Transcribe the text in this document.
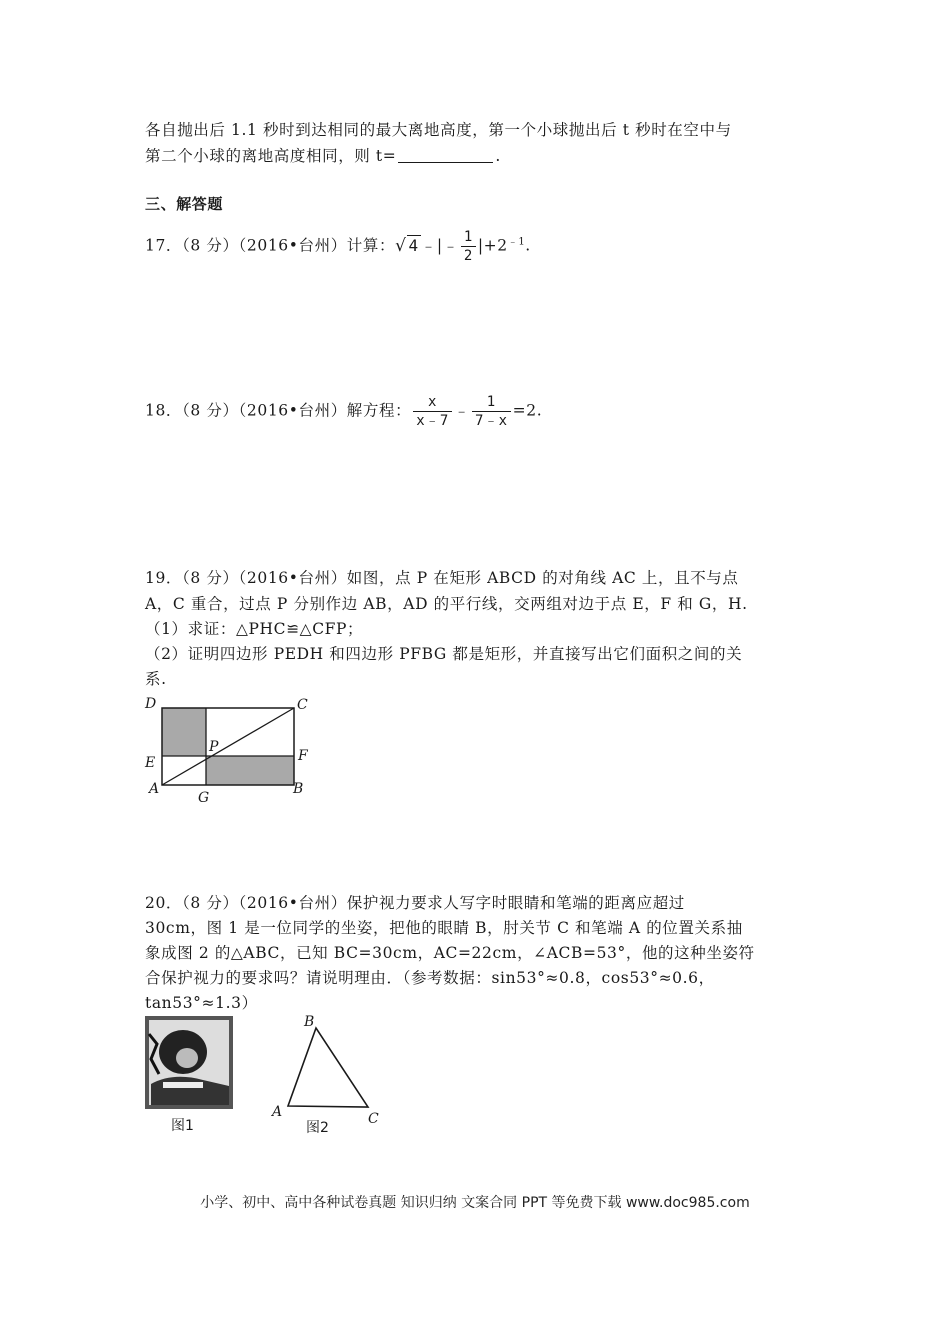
各自抛出后 1.1 秒时到达相同的最大离地高度，第一个小球抛出后 t 秒时在空中与
第二个小球的离地高度相同，则 t=	.
三、解答题
17．（8 分）（2016•台州）计算：√ 4 ﹣|﹣ $\frac{1}{2} |+2^{﹣1}$.
18．（8 分）（2016•台州）解方程： $\frac{x}{x﹣7}$ ﹣ $\frac{1}{7﹣x} =2$.
19．（8 分）（2016•台州）如图，点 P 在矩形 ABCD 的对角线 AC 上，且不与点
A，C 重合，过点 P 分别作边 AB，AD 的平行线，交两组对边于点 E，F 和 G，H.
（1）求证：△PHC≌△CFP；
（2）证明四边形 PEDH 和四边形 PFBG 都是矩形，并直接写出它们面积之间的关
系.
D	C
E
P
F
A
G
B
20．（8 分）（2016•台州）保护视力要求人写字时眼睛和笔端的距离应超过
30cm，图 1 是一位同学的坐姿，把他的眼睛 B，肘关节 C 和笔端 A 的位置关系抽
象成图 2 的△ABC，已知 BC=30cm，AC=22cm，∠ACB=53°，他的这种坐姿符
合保护视力的要求吗？请说明理由．（参考数据：sin53°≈0.8，cos53°≈0.6，
tan53°≈1.3）
图1
B
A	C
图2
小学、初中、高中各种试卷真题 知识归纳 文案合同 PPT 等免费下载 www.doc985.com
